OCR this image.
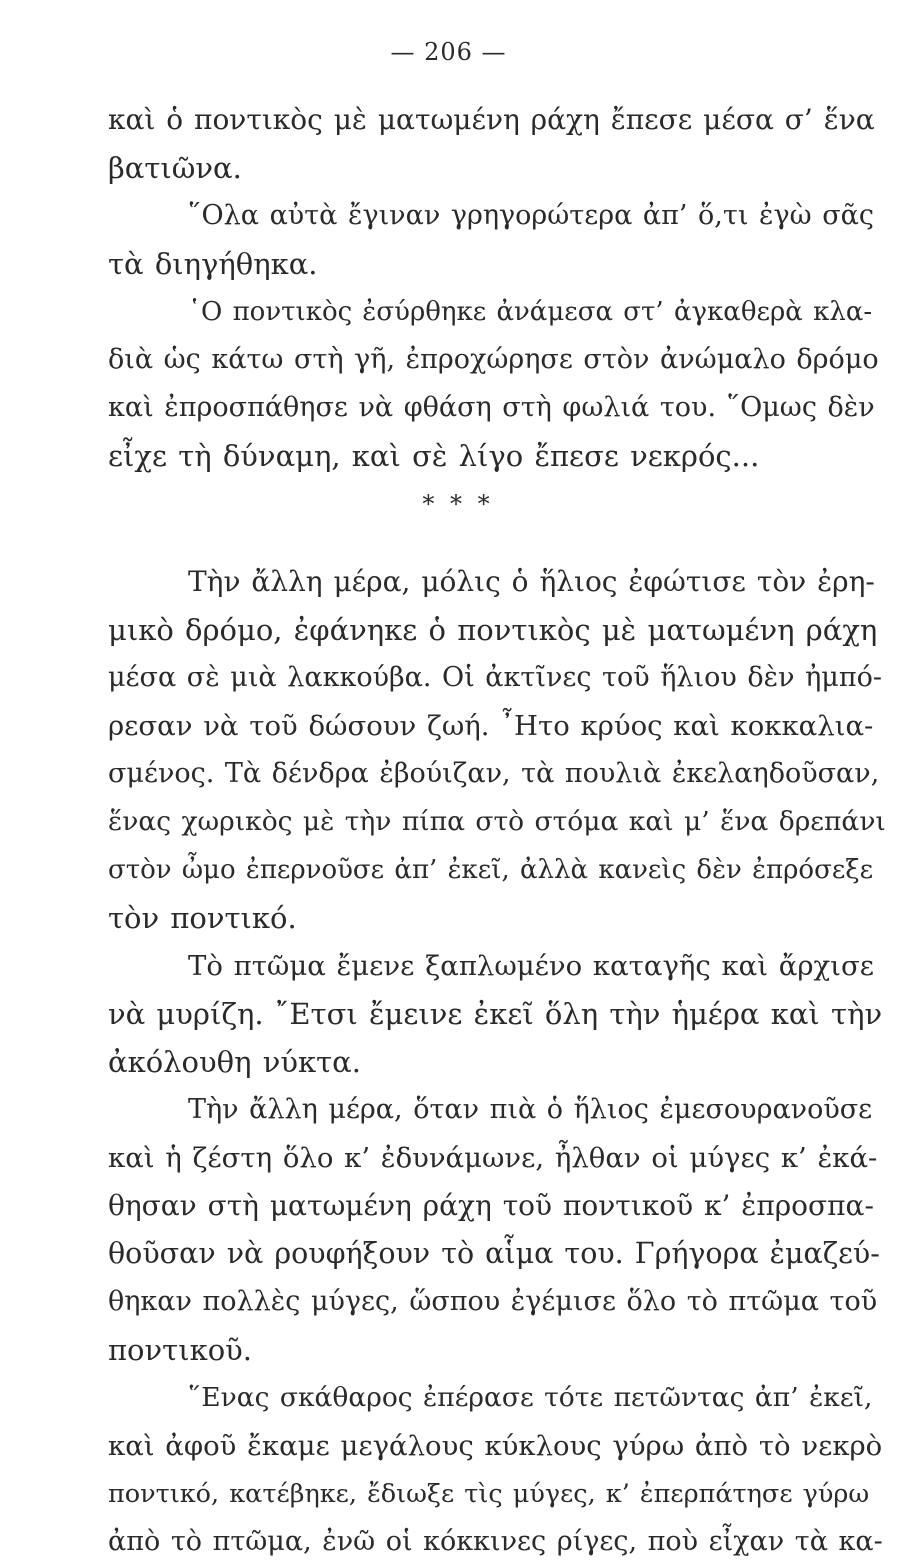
— 206 —
καὶ ὁ ποντικὸς μὲ ματωμένη ράχη ἔπεσε μέσα σ’ ἕνα
βατιῶνα.
῞Ολα αὐτὰ ἔγιναν γρηγορώτερα ἀπ’ ὅ,τι ἐγὼ σᾶς
τὰ διηγήθηκα.
῾Ο ποντικὸς ἐσύρθηκε ἀνάμεσα στ’ ἀγκαθερὰ κλα-
διὰ ὡς κάτω στὴ γῆ, ἐπροχώρησε στὸν ἀνώμαλο δρόμο
καὶ ἐπροσπάθησε νὰ φθάση στὴ φωλιά του. ῞Ομως δὲν
εἶχε τὴ δύναμη, καὶ σὲ λίγο ἔπεσε νεκρός...
* * *
Τὴν ἄλλη μέρα, μόλις ὁ ἥλιος ἐφώτισε τὸν ἐρη-
μικὸ δρόμο, ἐφάνηκε ὁ ποντικὸς μὲ ματωμένη ράχη
μέσα σὲ μιὰ λακκούβα. Οἱ ἀκτῖνες τοῦ ἥλιου δὲν ἠμπό-
ρεσαν νὰ τοῦ δώσουν ζωή. ῏Ητο κρύος καὶ κοκκαλια-
σμένος. Τὰ δένδρα ἐβούιζαν, τὰ πουλιὰ ἐκελαηδοῦσαν,
ἕνας χωρικὸς μὲ τὴν πίπα στὸ στόμα καὶ μ’ ἕνα δρεπάνι
στὸν ὦμο ἐπερνοῦσε ἀπ’ ἐκεῖ, ἀλλὰ κανεὶς δὲν ἐπρόσεξε
τὸν ποντικό.
Τὸ πτῶμα ἔμενε ξαπλωμένο καταγῆς καὶ ἄρχισε
νὰ μυρίζη. ῎Ετσι ἔμεινε ἐκεῖ ὅλη τὴν ἡμέρα καὶ τὴν
ἀκόλουθη νύκτα.
Τὴν ἄλλη μέρα, ὅταν πιὰ ὁ ἥλιος ἐμεσουρανοῦσε
καὶ ἡ ζέστη ὅλο κ’ ἐδυνάμωνε, ἦλθαν οἱ μύγες κ’ ἐκά-
θησαν στὴ ματωμένη ράχη τοῦ ποντικοῦ κ’ ἐπροσπα-
θοῦσαν νὰ ρουφήξουν τὸ αἷμα του. Γρήγορα ἐμαζεύ-
θηκαν πολλὲς μύγες, ὥσπου ἐγέμισε ὅλο τὸ πτῶμα τοῦ
ποντικοῦ.
῞Ενας σκάθαρος ἐπέρασε τότε πετῶντας ἀπ’ ἐκεῖ,
καὶ ἀφοῦ ἔκαμε μεγάλους κύκλους γύρω ἀπὸ τὸ νεκρὸ
ποντικό, κατέβηκε, ἔδιωξε τὶς μύγες, κ’ ἐπερπάτησε γύρω
ἀπὸ τὸ πτῶμα, ἐνῶ οἱ κόκκινες ρίγες, ποὺ εἶχαν τὰ κα-
